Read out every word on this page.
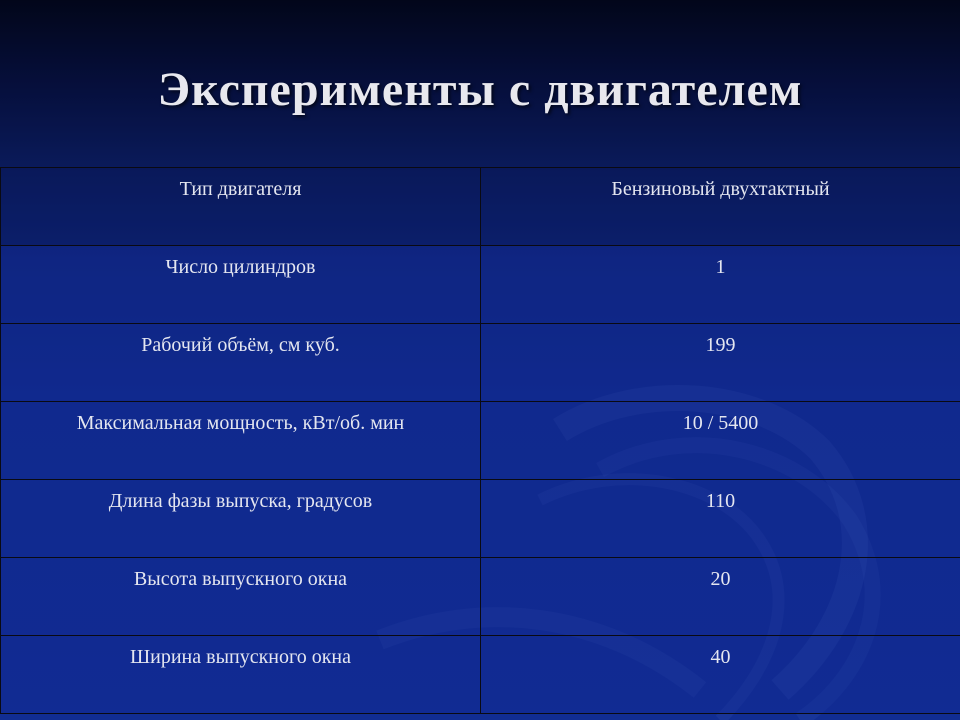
Эксперименты с двигателем
Тип двигателя	Бензиновый двухтактный
Число цилиндров	1
Рабочий объём, см куб.	199
Максимальная мощность, кВт/об. мин	10 / 5400
Длина фазы выпуска, градусов	110
Высота выпускного окна	20
Ширина выпускного окна	40
